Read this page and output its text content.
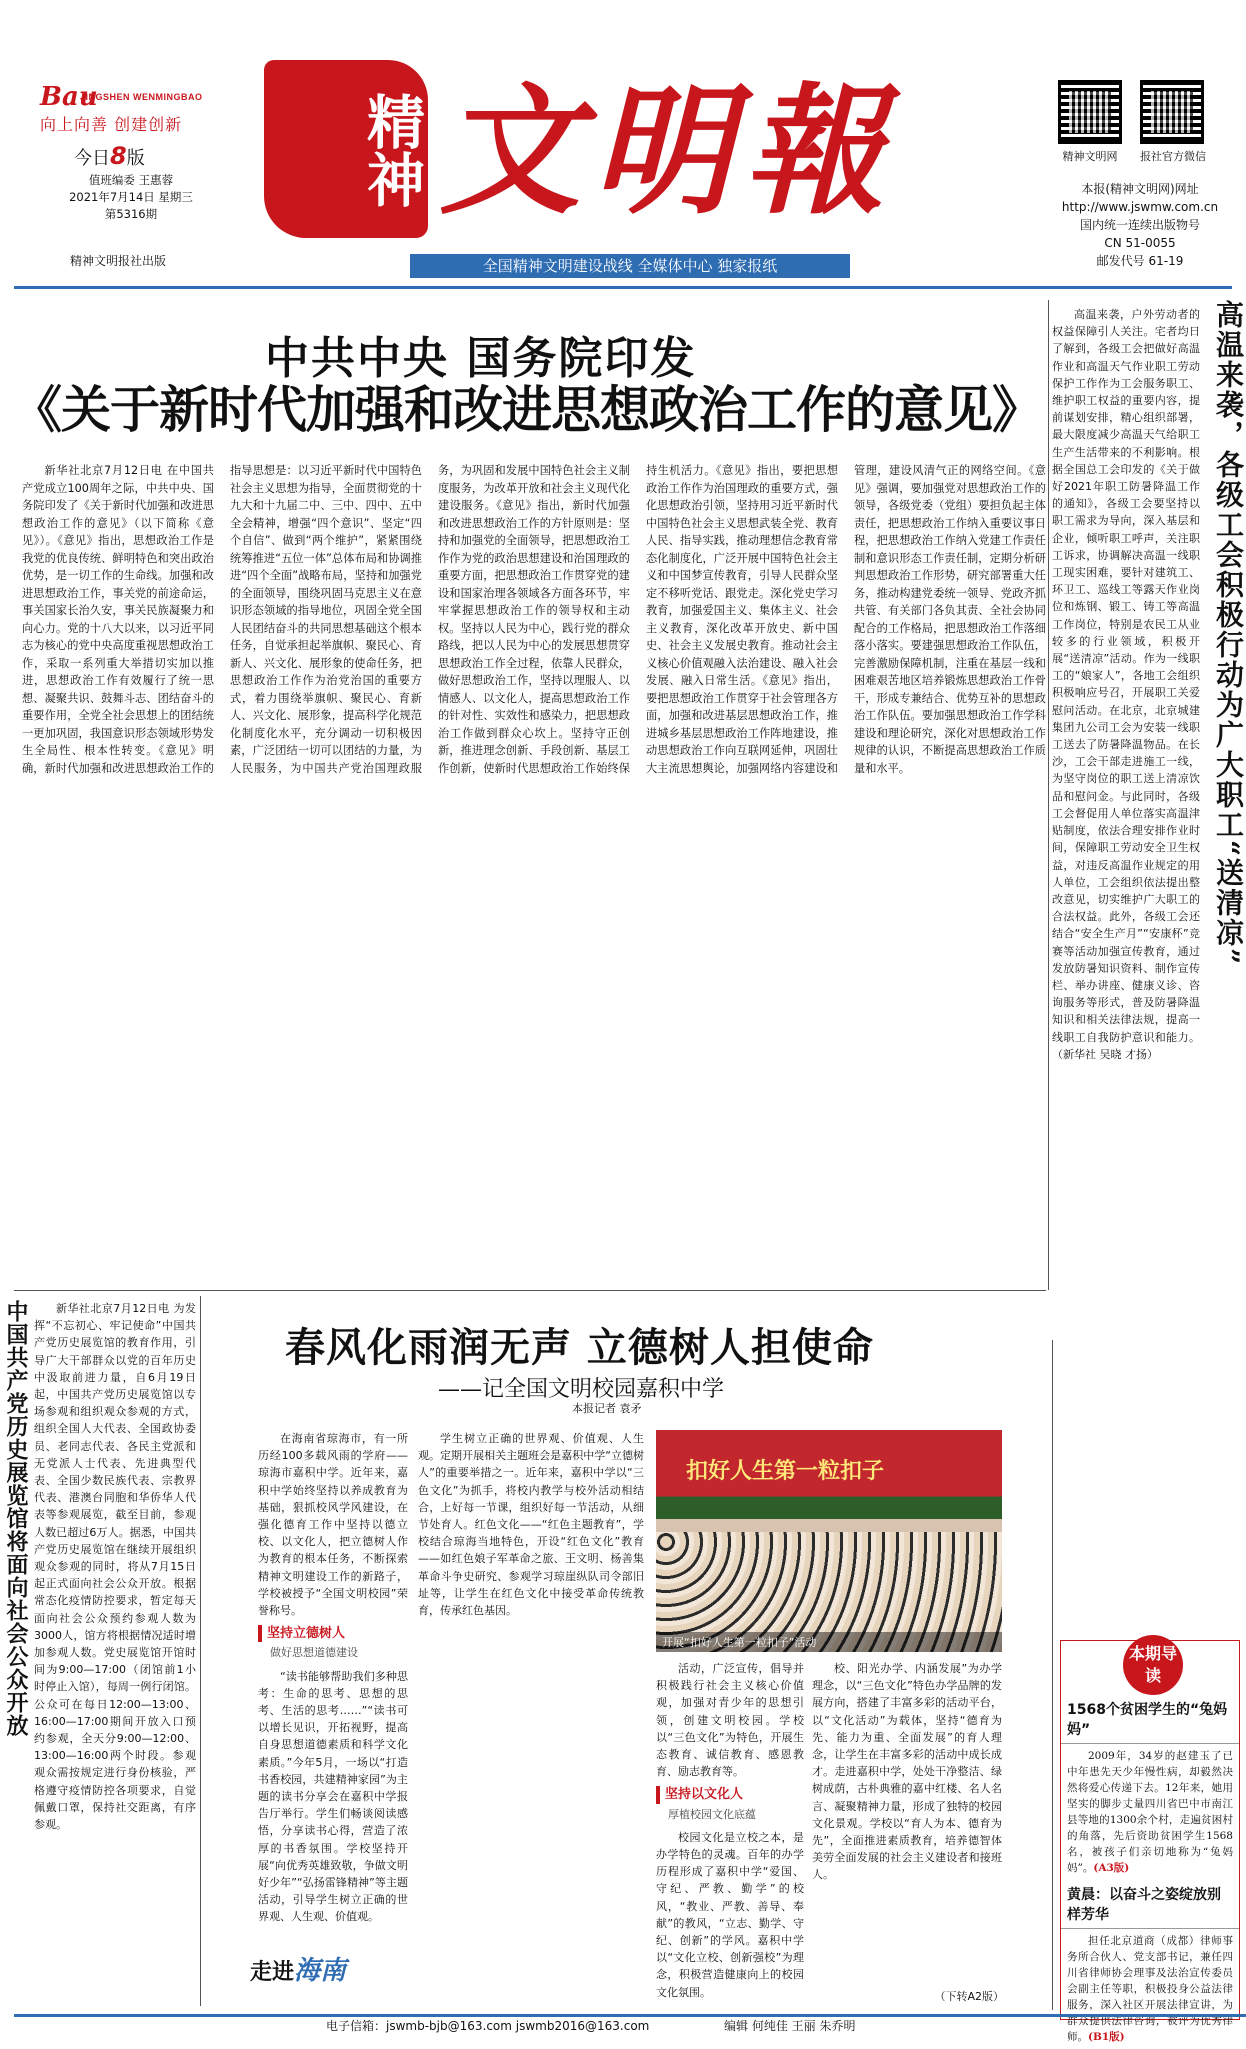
Bau
JINGSHEN WENMINGBAO
向上向善 创建创新
今日8版
值班编委 王惠蓉
2021年7月14日 星期三
第5316期
精神文明报社出版
精神 文明報
全国精神文明建设战线 全媒体中心 独家报纸
精神文明网	报社官方微信
本报(精神文明网)网址
http://www.jswmw.com.cn
国内统一连续出版物号
CN 51-0055
邮发代号 61-19
中共中央 国务院印发
《关于新时代加强和改进思想政治工作的意见》

新华社北京7月12日电 在中国共产党成立100周年之际，中共中央、国务院印发了《关于新时代加强和改进思想政治工作的意见》（以下简称《意见》）。《意见》指出，思想政治工作是我党的优良传统、鲜明特色和突出政治优势，是一切工作的生命线。加强和改进思想政治工作，事关党的前途命运，事关国家长治久安，事关民族凝聚力和向心力。党的十八大以来，以习近平同志为核心的党中央高度重视思想政治工作，采取一系列重大举措切实加以推进，思想政治工作有效履行了统一思想、凝聚共识、鼓舞斗志、团结奋斗的重要作用，全党全社会思想上的团结统一更加巩固，我国意识形态领域形势发生全局性、根本性转变。《意见》明确，新时代加强和改进思想政治工作的指导思想是：以习近平新时代中国特色社会主义思想为指导，全面贯彻党的十九大和十九届二中、三中、四中、五中全会精神，增强“四个意识”、坚定“四个自信”、做到“两个维护”，紧紧围绕统筹推进“五位一体”总体布局和协调推进“四个全面”战略布局，坚持和加强党的全面领导，围绕巩固马克思主义在意识形态领域的指导地位，巩固全党全国人民团结奋斗的共同思想基础这个根本任务，自觉承担起举旗帜、聚民心、育新人、兴文化、展形象的使命任务，把思想政治工作作为治党治国的重要方式，着力围绕举旗帜、聚民心、育新人、兴文化、展形象，提高科学化规范化制度化水平，充分调动一切积极因素，广泛团结一切可以团结的力量，为人民服务，为中国共产党治国理政服务，为巩固和发展中国特色社会主义制度服务，为改革开放和社会主义现代化建设服务。《意见》指出，新时代加强和改进思想政治工作的方针原则是：坚持和加强党的全面领导，把思想政治工作作为党的政治思想建设和治国理政的重要方面，把思想政治工作贯穿党的建设和国家治理各领域各方面各环节，牢牢掌握思想政治工作的领导权和主动权。坚持以人民为中心，践行党的群众路线，把以人民为中心的发展思想贯穿思想政治工作全过程，依靠人民群众，做好思想政治工作，坚持以理服人、以情感人、以文化人，提高思想政治工作的针对性、实效性和感染力，把思想政治工作做到群众心坎上。坚持守正创新，推进理念创新、手段创新、基层工作创新，使新时代思想政治工作始终保持生机活力。《意见》指出，要把思想政治工作作为治国理政的重要方式，强化思想政治引领，坚持用习近平新时代中国特色社会主义思想武装全党、教育人民、指导实践，推动理想信念教育常态化制度化，广泛开展中国特色社会主义和中国梦宣传教育，引导人民群众坚定不移听党话、跟党走。深化党史学习教育，加强爱国主义、集体主义、社会主义教育，深化改革开放史、新中国史、社会主义发展史教育。推动社会主义核心价值观融入法治建设、融入社会发展、融入日常生活。《意见》指出，要把思想政治工作贯穿于社会管理各方面，加强和改进基层思想政治工作，推进城乡基层思想政治工作阵地建设，推动思想政治工作向互联网延伸，巩固壮大主流思想舆论，加强网络内容建设和管理，建设风清气正的网络空间。《意见》强调，要加强党对思想政治工作的领导，各级党委（党组）要担负起主体责任，把思想政治工作纳入重要议事日程，把思想政治工作纳入党建工作责任制和意识形态工作责任制，定期分析研判思想政治工作形势，研究部署重大任务，推动构建党委统一领导、党政齐抓共管、有关部门各负其责、全社会协同配合的工作格局，把思想政治工作落细落小落实。要建强思想政治工作队伍，完善激励保障机制，注重在基层一线和困难艰苦地区培养锻炼思想政治工作骨干，形成专兼结合、优势互补的思想政治工作队伍。要加强思想政治工作学科建设和理论研究，深化对思想政治工作规律的认识，不断提高思想政治工作质量和水平。

高温来袭，户外劳动者的权益保障引人关注。宅者均日了解到，各级工会把做好高温作业和高温天气作业职工劳动保护工作作为工会服务职工、维护职工权益的重要内容，提前谋划安排，精心组织部署，最大限度减少高温天气给职工生产生活带来的不利影响。根据全国总工会印发的《关于做好2021年职工防暑降温工作的通知》，各级工会要坚持以职工需求为导向，深入基层和企业，倾听职工呼声，关注职工诉求，协调解决高温一线职工现实困难，要针对建筑工、环卫工、巡线工等露天作业岗位和炼钢、锻工、铸工等高温工作岗位，特别是农民工从业较多的行业领域，积极开展“送清凉”活动。作为一线职工的“娘家人”，各地工会组织积极响应号召，开展职工关爱慰问活动。在北京，北京城建集团九公司工会为安装一线职工送去了防暑降温物品。在长沙，工会干部走进施工一线，为坚守岗位的职工送上清凉饮品和慰问金。与此同时，各级工会督促用人单位落实高温津贴制度，依法合理安排作业时间，保障职工劳动安全卫生权益，对违反高温作业规定的用人单位，工会组织依法提出整改意见，切实维护广大职工的合法权益。此外，各级工会还结合“安全生产月”“安康杯”竞赛等活动加强宣传教育，通过发放防暑知识资料、制作宣传栏、举办讲座、健康义诊、咨询服务等形式，普及防暑降温知识和相关法律法规，提高一线职工自我防护意识和能力。（新华社 吴晓 才扬）

高温来袭，各级工会积极行动为广大职工“送清凉”
中国共产党历史展览馆将面向社会公众开放	新华社北京7月12日电 为发挥“不忘初心、牢记使命”中国共产党历史展览馆的教育作用，引导广大干部群众以党的百年历史中汲取前进力量，自6月19日起，中国共产党历史展览馆以专场参观和组织观众参观的方式，组织全国人大代表、全国政协委员、老同志代表、各民主党派和无党派人士代表、先进典型代表、全国少数民族代表、宗教界代表、港澳台同胞和华侨华人代表等参观展览，截至目前，参观人数已超过6万人。据悉，中国共产党历史展览馆在继续开展组织观众参观的同时，将从7月15日起正式面向社会公众开放。根据常态化疫情防控要求，暂定每天面向社会公众预约参观人数为3000人，馆方将根据情况适时增加参观人数。党史展览馆开馆时间为9:00—17:00（闭馆前1小时停止入馆），每周一例行闭馆。公众可在每日12:00—13:00、16:00—17:00期间开放入口预约参观，全天分9:00—12:00、13:00—16:00两个时段。参观观众需按规定进行身份核验，严格遵守疫情防控各项要求，自觉佩戴口罩，保持社交距离，有序参观。

春风化雨润无声 立德树人担使命
——记全国文明校园嘉积中学
本报记者 袁矛

在海南省琼海市，有一所历经100多载风雨的学府——琼海市嘉积中学。近年来，嘉积中学始终坚持以养成教育为基础，狠抓校风学风建设，在强化德育工作中坚持以德立校、以文化人，把立德树人作为教育的根本任务，不断探索精神文明建设工作的新路子，学校被授予“全国文明校园”荣誉称号。

坚持立德树人
做好思想道德建设

“读书能够帮助我们多种思考：生命的思考、思想的思考、生活的思考……”“读书可以增长见识，开拓视野，提高自身思想道德素质和科学文化素质。”今年5月，一场以“打造书香校园，共建精神家园”为主题的读书分享会在嘉积中学报告厅举行。学生们畅谈阅读感悟，分享读书心得，营造了浓厚的书香氛围。学校坚持开展“向优秀英雄致敬，争做文明好少年”“弘扬雷锋精神”等主题活动，引导学生树立正确的世界观、人生观、价值观。

学生树立正确的世界观、价值观、人生观。定期开展相关主题班会是嘉积中学“立德树人”的重要举措之一。近年来，嘉积中学以“三色文化”为抓手，将校内教学与校外活动相结合，上好每一节课，组织好每一节活动，从细节处育人。红色文化——“红色主题教育”，学校结合琼海当地特色，开设“红色文化”教育——如红色娘子军革命之旅、王文明、杨善集革命斗争史研究、参观学习琼崖纵队司令部旧址等，让学生在红色文化中接受革命传统教育，传承红色基因。

扣好人生第一粒扣子
开展“扣好人生第一粒扣子”活动

活动，广泛宣传，倡导并积极践行社会主义核心价值观，加强对青少年的思想引领，创建文明校园。学校以“三色文化”为特色，开展生态教育、诚信教育、感恩教育、励志教育等。

坚持以文化人
厚植校园文化底蕴

校园文化是立校之本，是办学特色的灵魂。百年的办学历程形成了嘉积中学“爱国、守纪、严教、勤学”的校风，“教业、严教、善导、奉献”的教风，“立志、勤学、守纪、创新”的学风。嘉积中学以“文化立校、创新强校”为理念，积极营造健康向上的校园文化氛围。

校、阳光办学、内涵发展”为办学理念，以“三色文化”特色办学品牌的发展方向，搭建了丰富多彩的活动平台，以“文化活动”为载体，坚持“德育为先、能力为重、全面发展”的育人理念，让学生在丰富多彩的活动中成长成才。走进嘉积中学，处处干净整洁、绿树成荫，古朴典雅的嘉中红楼、名人名言、凝聚精神力量，形成了独特的校园文化景观。学校以“育人为本、德育为先”，全面推进素质教育，培养德智体美劳全面发展的社会主义建设者和接班人。

（下转A2版）
走进海南
本期导读
1568个贫困学生的“兔妈妈”

2009年，34岁的赵建玉了已中年患先天少年慢性病，却毅然决然将爱心传递下去。12年来，她用坚实的脚步丈量四川省巴中市南江县等地的1300余个村，走遍贫困村的角落，先后资助贫困学生1568名，被孩子们亲切地称为“兔妈妈”。(A3版)

黄晨：以奋斗之姿绽放别样芳华

担任北京道商（成都）律师事务所合伙人、党支部书记，兼任四川省律师协会理事及法治宣传委员会副主任等职，积极投身公益法律服务，深入社区开展法律宣讲，为群众提供法律咨询，被评为优秀律师。(B1版)

电子信箱：jswmb-bjb@163.com jswmb2016@163.com	编辑 何纯佳 王丽 朱乔明
